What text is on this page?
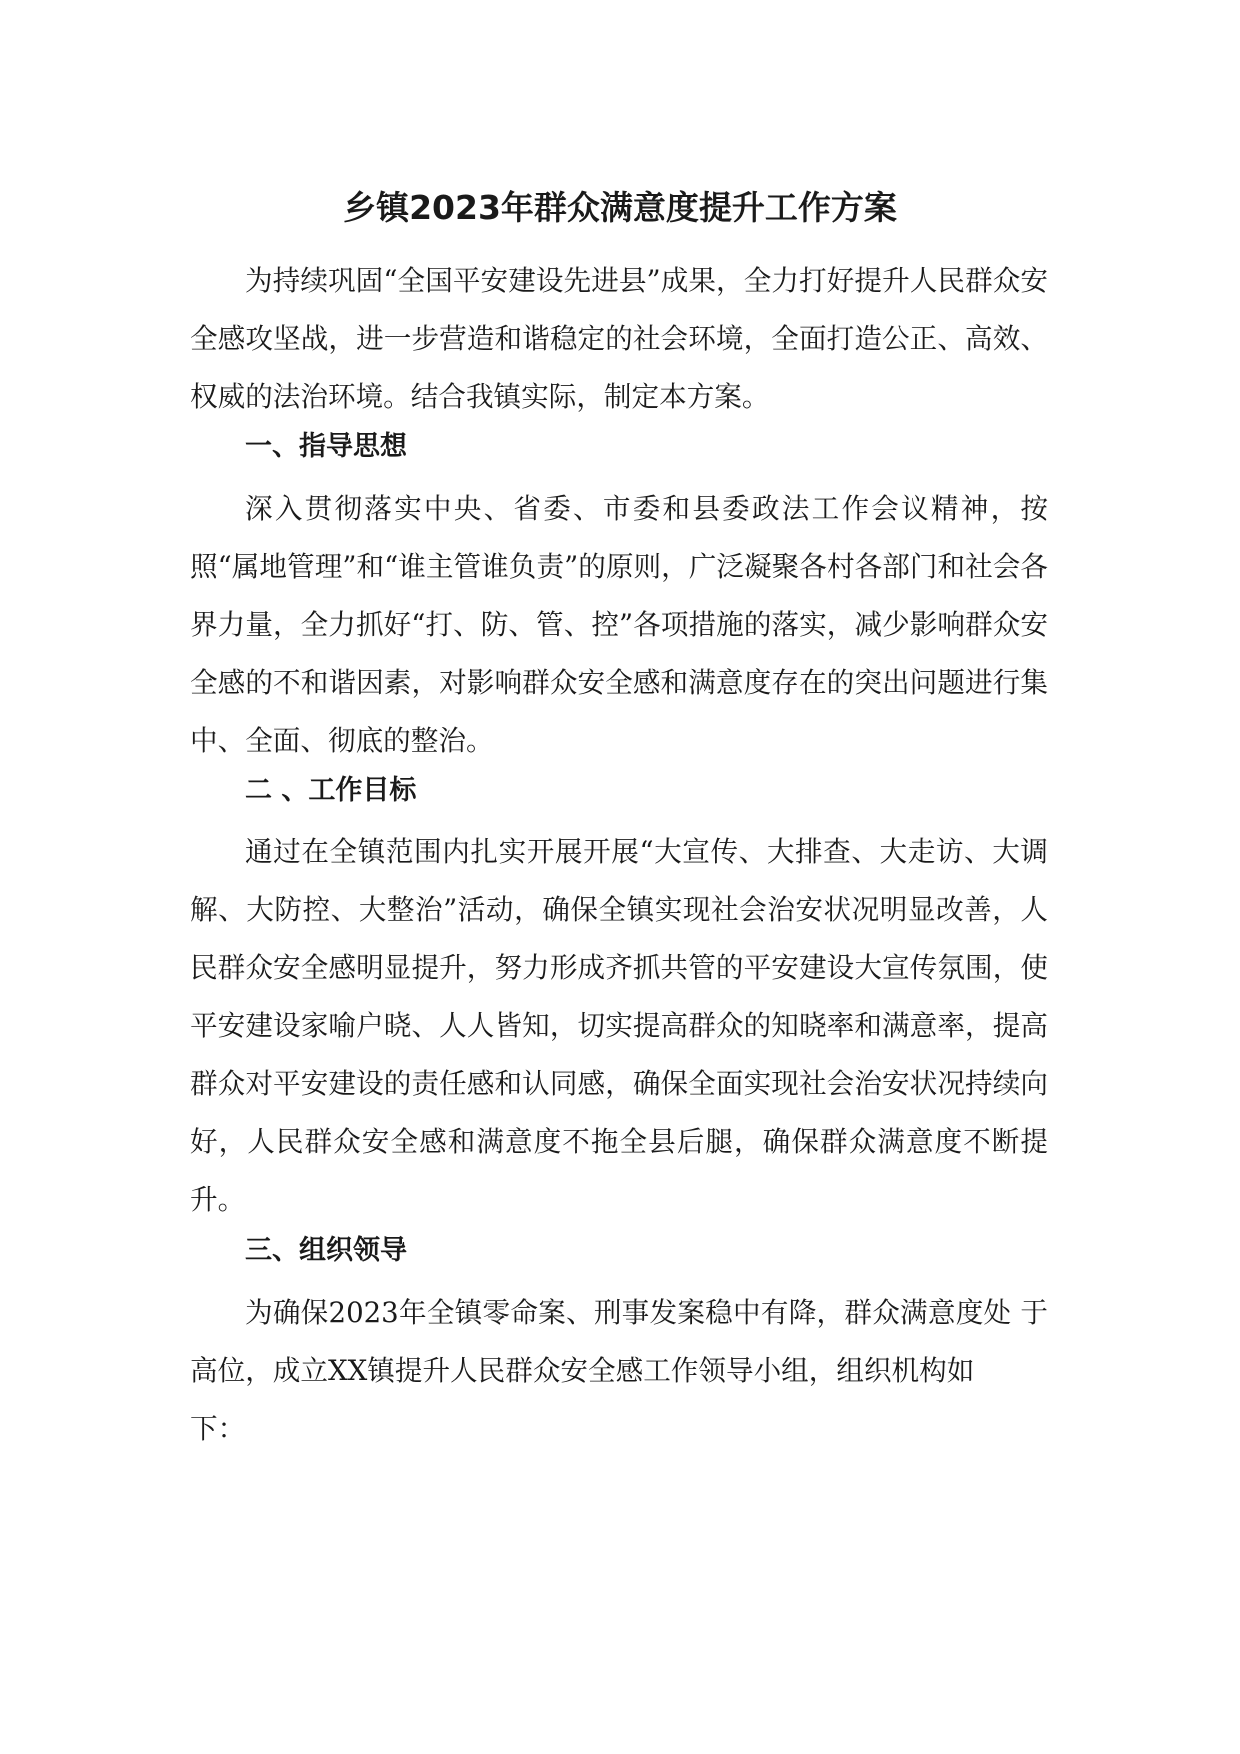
乡镇2023年群众满意度提升工作方案

为持续巩固“全国平安建设先进县”成果，全力打好提升人民群众安全感攻坚战，进一步营造和谐稳定的社会环境，全面打造公正、高效、权威的法治环境。结合我镇实际，制定本方案。

一、指导思想

深入贯彻落实中央、省委、市委和县委政法工作会议精神，按照“属地管理”和“谁主管谁负责”的原则，广泛凝聚各村各部门和社会各界力量，全力抓好“打、防、管、控”各项措施的落实，减少影响群众安全感的不和谐因素，对影响群众安全感和满意度存在的突出问题进行集中、全面、彻底的整治。

二 、工作目标

通过在全镇范围内扎实开展开展“大宣传、大排查、大走访、大调解、大防控、大整治”活动，确保全镇实现社会治安状况明显改善，人民群众安全感明显提升，努力形成齐抓共管的平安建设大宣传氛围，使平安建设家喻户晓、人人皆知，切实提高群众的知晓率和满意率，提高群众对平安建设的责任感和认同感，确保全面实现社会治安状况持续向好，人民群众安全感和满意度不拖全县后腿，确保群众满意度不断提升。

三、组织领导

为确保2023年全镇零命案、刑事发案稳中有降，群众满意度处 于高位，成立XX镇提升人民群众安全感工作领导小组，组织机构如

下：
